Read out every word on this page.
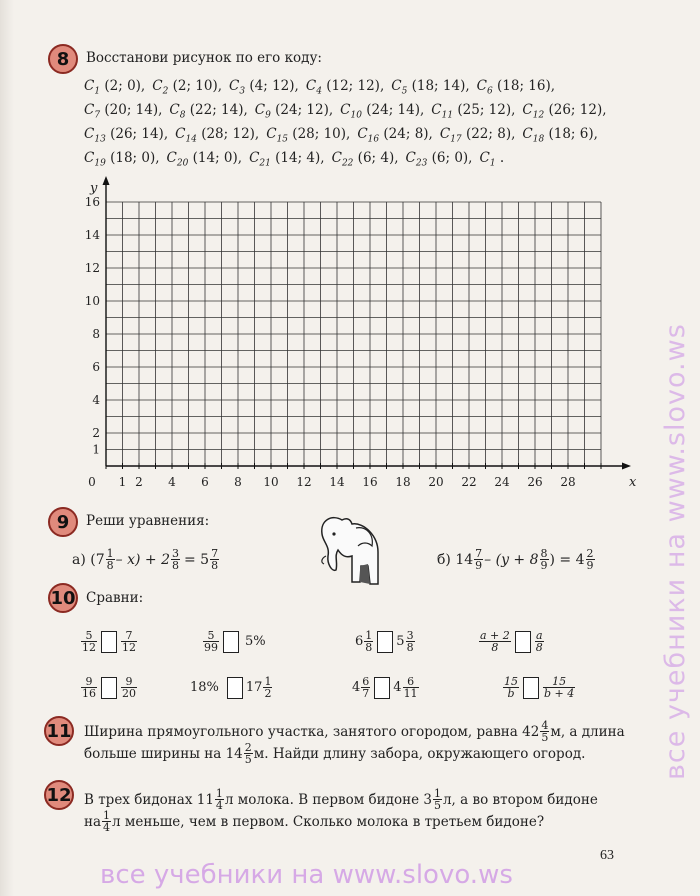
8	Восстанови рисунок по его коду:
$C_1$ (2; 0), $C_2$ (2; 10), $C_3$ (4; 12), $C_4$ (12; 12), $C_5$ (18; 14), $C_6$ (18; 16),
$C_7$ (20; 14), $C_8$ (22; 14), $C_9$ (24; 12), $C_{10}$ (24; 14), $C_{11}$ (25; 12), $C_{12}$ (26; 12),
$C_{13}$ (26; 14), $C_{14}$ (28; 12), $C_{15}$ (28; 10), $C_{16}$ (24; 8), $C_{17}$ (22; 8), $C_{18}$ (18; 6),
$C_{19}$ (18; 0), $C_{20}$ (14; 0), $C_{21}$ (14; 4), $C_{22}$ (6; 4), $C_{23}$ (6; 0), $C_1$ .
0 1 2 4 6 8 10 12 14 16 18 20 22 24 26 28
1
2
4
6
8
10
12
14
16
x
y
9	Реши уравнения:
а) $(7 \frac{1}{8} - x) + 2 \frac{3}{8} = 5 \frac{7}{8}$	б) $14 \frac{7}{9} - (y + 8 \frac{8}{9}$ ) = $4 \frac{2}{9}$
10 Сравни:
$\frac{5}{12} \frac{7}{12}$	$\frac{5}{99} 5\%$	$6 \frac{1}{8} 5 \frac{3}{8}$	$\frac{a + 2}{8} \frac{a}{8}$
$\frac{9}{16} \frac{9}{20}$	18% $17 \frac{1}{2}$	$4 \frac{6}{7} 4 \frac{6}{11}$	$\frac{15}{b} \frac{15}{b + 4}$
11 Ширина прямоугольного участка, занятого огородом, равна $42 \frac{4}{5} м$, а длина
больше ширины на $14 \frac{2}{5} м$. Найди длину забора, окружающего огород.
12 В трех бидонах $11 \frac{1}{4}$ л молока. В первом бидоне $3 \frac{1}{5} л$, а во втором бидоне
на $\frac{1}{4}$ л меньше, чем в первом. Сколько молока в третьем бидоне?
63
все учебники на www.slovo.ws
все учебники на www.slovo.ws
